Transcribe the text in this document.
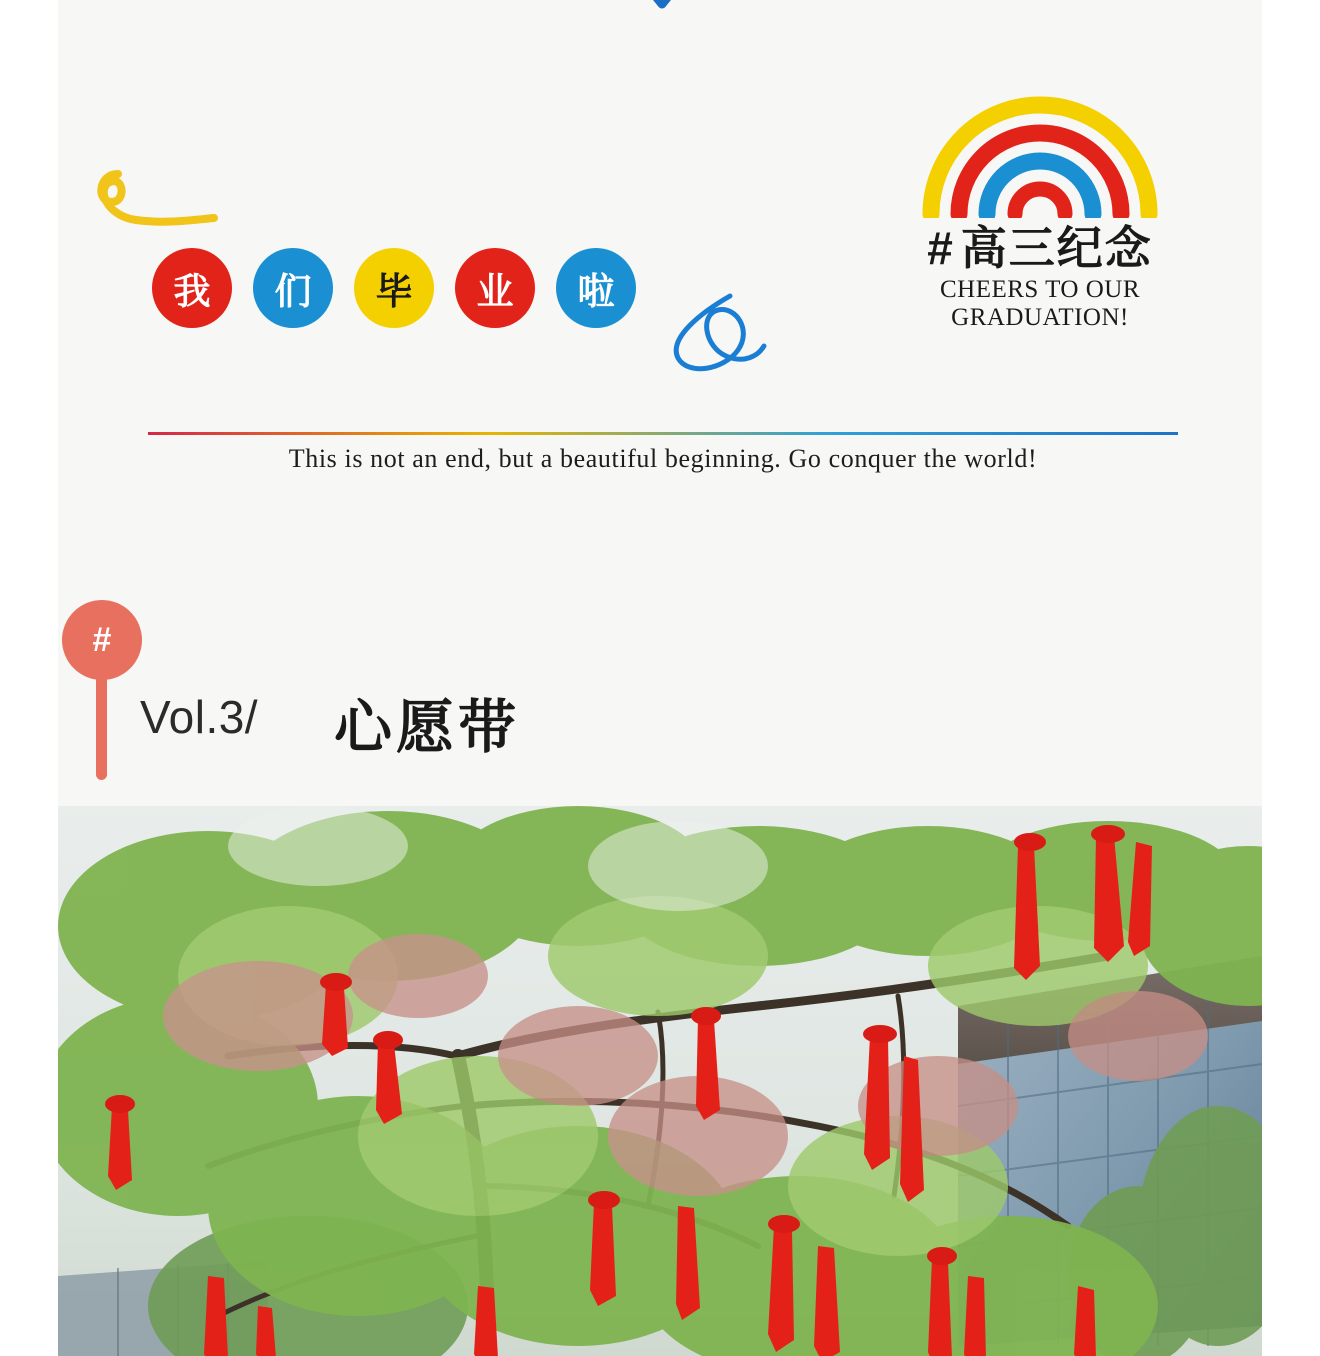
我	们	毕	业	啦
# 高三纪念
CHEERS TO OUR
GRADUATION!
This is not an end, but a beautiful beginning. Go conquer the world!
#
Vol.3/ 心愿带
